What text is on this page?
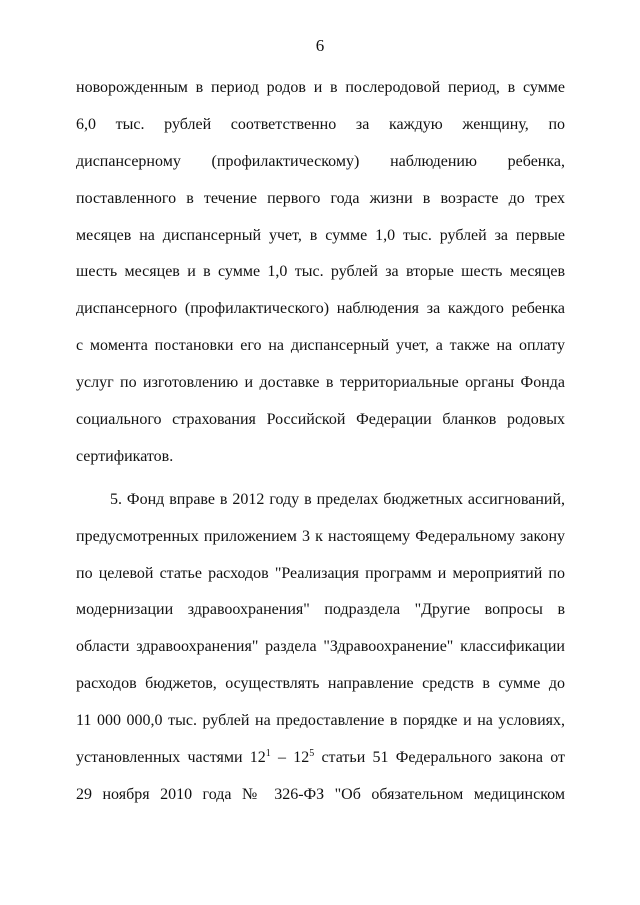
6
новорожденным в период родов и в послеродовой период, в сумме
6,0 тыс. рублей соответственно за каждую женщину, по
диспансерному (профилактическому) наблюдению ребенка,
поставленного в течение первого года жизни в возрасте до трех
месяцев на диспансерный учет, в сумме 1,0 тыс. рублей за первые
шесть месяцев и в сумме 1,0 тыс. рублей за вторые шесть месяцев
диспансерного (профилактического) наблюдения за каждого ребенка
с момента постановки его на диспансерный учет, а также на оплату
услуг по изготовлению и доставке в территориальные органы Фонда
социального страхования Российской Федерации бланков родовых
сертификатов.
5. Фонд вправе в 2012 году в пределах бюджетных ассигнований,
предусмотренных приложением 3 к настоящему Федеральному закону
по целевой статье расходов "Реализация программ и мероприятий по
модернизации здравоохранения" подраздела "Другие вопросы в
области здравоохранения" раздела "Здравоохранение" классификации
расходов бюджетов, осуществлять направление средств в сумме до
11 000 000,0 тыс. рублей на предоставление в порядке и на условиях,
установленных частями $12^1 - 12^5$ статьи 51 Федерального закона от
29 ноября 2010 года № 326-ФЗ "Об обязательном медицинском
